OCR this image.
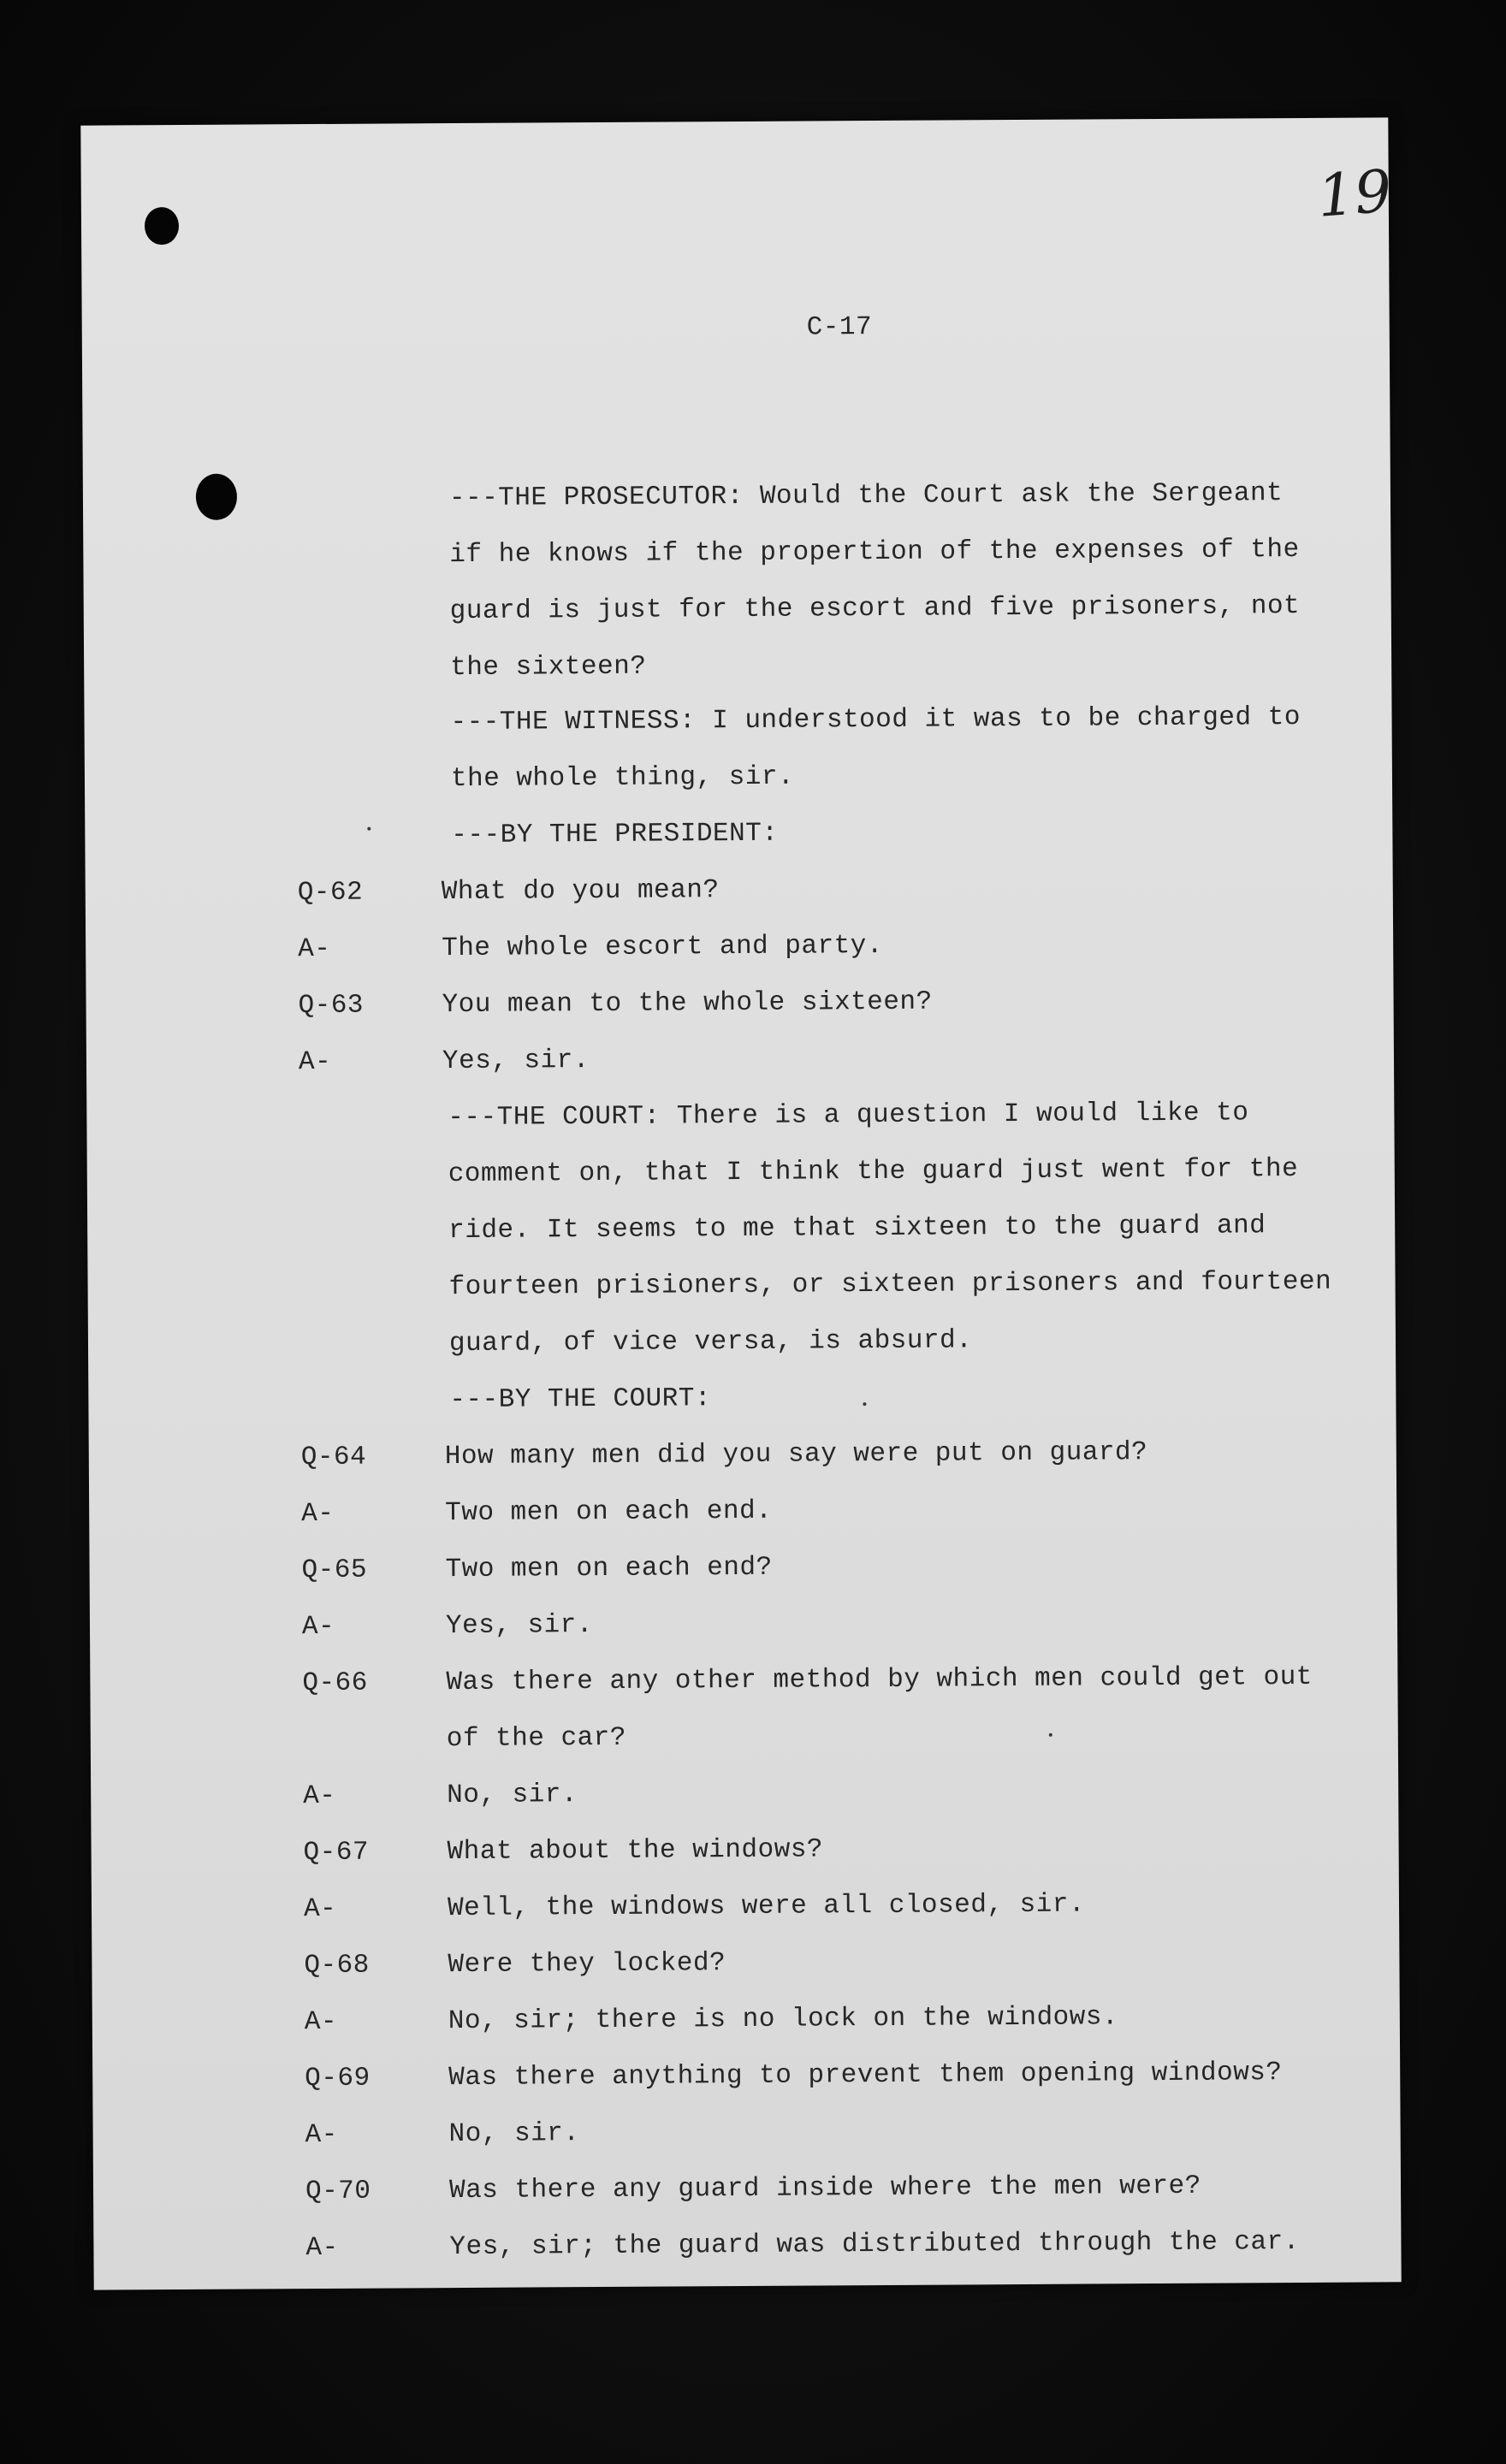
19
C-17
---THE PROSECUTOR: Would the Court ask the Sergeant
if he knows if the propertion of the expenses of the
guard is just for the escort and five prisoners, not
the sixteen?
---THE WITNESS: I understood it was to be charged to
the whole thing, sir.
---BY THE PRESIDENT:
Q-62	What do you mean?
A-	The whole escort and party.
Q-63	You mean to the whole sixteen?
A-	Yes, sir.
---THE COURT: There is a question I would like to
comment on, that I think the guard just went for the
ride. It seems to me that sixteen to the guard and
fourteen prisioners, or sixteen prisoners and fourteen
guard, of vice versa, is absurd.
---BY THE COURT:
Q-64	How many men did you say were put on guard?
A-	Two men on each end.
Q-65	Two men on each end?
A-	Yes, sir.
Q-66	Was there any other method by which men could get out
of the car?
A-	No, sir.
Q-67	What about the windows?
A-	Well, the windows were all closed, sir.
Q-68	Were they locked?
A-	No, sir; there is no lock on the windows.
Q-69	Was there anything to prevent them opening windows?
A-	No, sir.
Q-70	Was there any guard inside where the men were?
A-	Yes, sir; the guard was distributed through the car.
